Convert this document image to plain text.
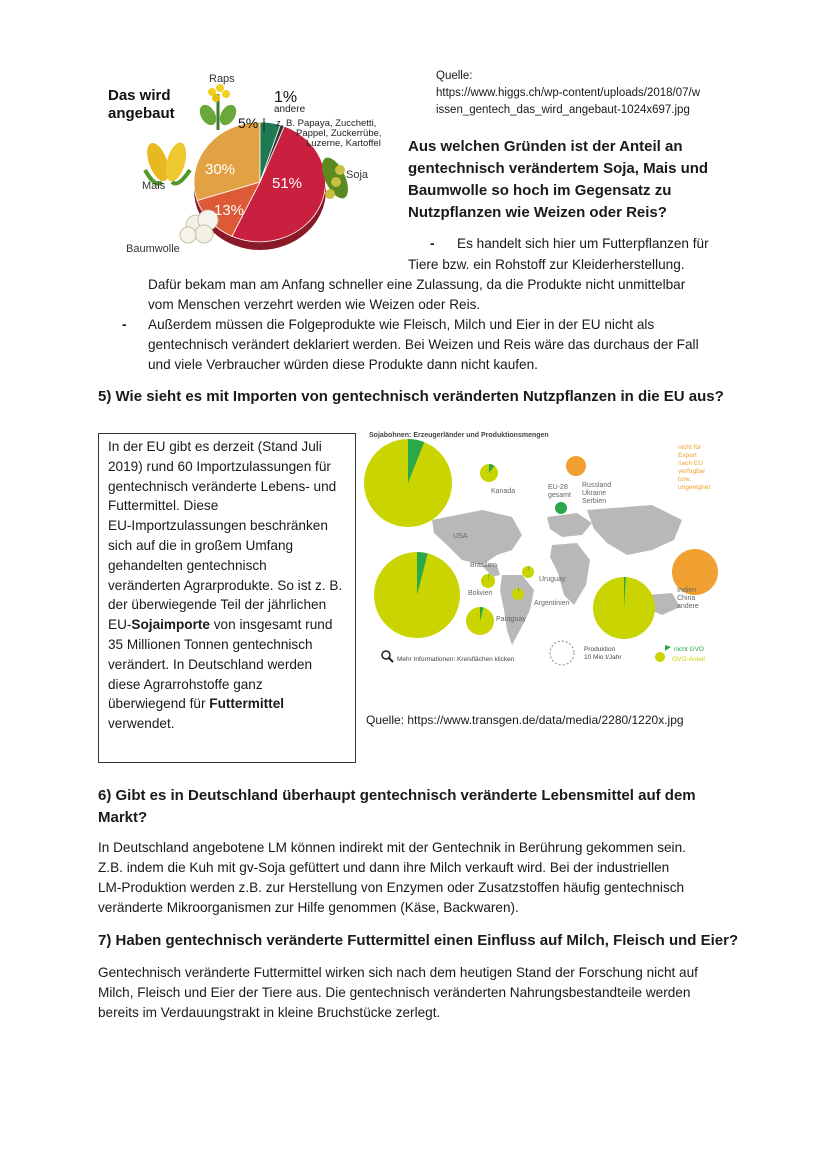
Das wird
angebaut
Raps
Mais
Baumwolle
Soja
1%
andere
z. B. Papaya, Zucchetti,
Pappel, Zuckerrübe,
Luzerne, Kartoffel
5%
51%
30%
13%
Quelle:
https://www.higgs.ch/wp-content/uploads/2018/07/w
issen_gentech_das_wird_angebaut-1024x697.jpg
Aus welchen Gründen ist der Anteil an
gentechnisch verändertem Soja, Mais und
Baumwolle so hoch im Gegensatz zu
Nutzpflanzen wie Weizen oder Reis?
- Es handelt sich hier um Futterpflanzen für
Tiere bzw. ein Rohstoff zur Kleiderherstellung.
Dafür bekam man am Anfang schneller eine Zulassung, da die Produkte nicht unmittelbar
vom Menschen verzehrt werden wie Weizen oder Reis.
- Außerdem müssen die Folgeprodukte wie Fleisch, Milch und Eier in der EU nicht als
gentechnisch verändert deklariert werden. Bei Weizen und Reis wäre das durchaus der Fall
und viele Verbraucher würden diese Produkte dann nicht kaufen.
5) Wie sieht es mit Importen von gentechnisch veränderten Nutzpflanzen in die EU aus?
In der EU gibt es derzeit (Stand Juli
2019) rund 60 Importzulassungen für
gentechnisch veränderte Lebens- und
Futtermittel. Diese
EU-Importzulassungen beschränken
sich auf die in großem Umfang
gehandelten gentechnisch
veränderten Agrarprodukte. So ist z. B.
der überwiegende Teil der jährlichen
EU-Sojaimporte von insgesamt rund
35 Millionen Tonnen gentechnisch
verändert. In Deutschland werden
diese Agrarrohstoffe ganz
überwiegend für Futtermittel
verwendet.
Sojabohnen: Erzeugerländer und Produktionsmengen
USA
Kanada
EU-28
gesamt
Russland
Ukraine
Serbien
Brasilien
Uruguay
Bolivien
Argentinien
Paraguay
Indien
China
andere
nicht für
Export
nach EU
verfügbar
bzw.
ungeeignet
Mehr Informationen: Kreisflächen klicken
Produktion
10 Mio t/Jahr
nicht GVO
GVO-Anteil
Quelle: https://www.transgen.de/data/media/2280/1220x.jpg
6) Gibt es in Deutschland überhaupt gentechnisch veränderte Lebensmittel auf dem
Markt?
In Deutschland angebotene LM können indirekt mit der Gentechnik in Berührung gekommen sein.
Z.B. indem die Kuh mit gv-Soja gefüttert und dann ihre Milch verkauft wird. Bei der industriellen
LM-Produktion werden z.B. zur Herstellung von Enzymen oder Zusatzstoffen häufig gentechnisch
veränderte Mikroorganismen zur Hilfe genommen (Käse, Backwaren).
7) Haben gentechnisch veränderte Futtermittel einen Einfluss auf Milch, Fleisch und Eier?
Gentechnisch veränderte Futtermittel wirken sich nach dem heutigen Stand der Forschung nicht auf
Milch, Fleisch und Eier der Tiere aus. Die gentechnisch veränderten Nahrungsbestandteile werden
bereits im Verdauungstrakt in kleine Bruchstücke zerlegt.
